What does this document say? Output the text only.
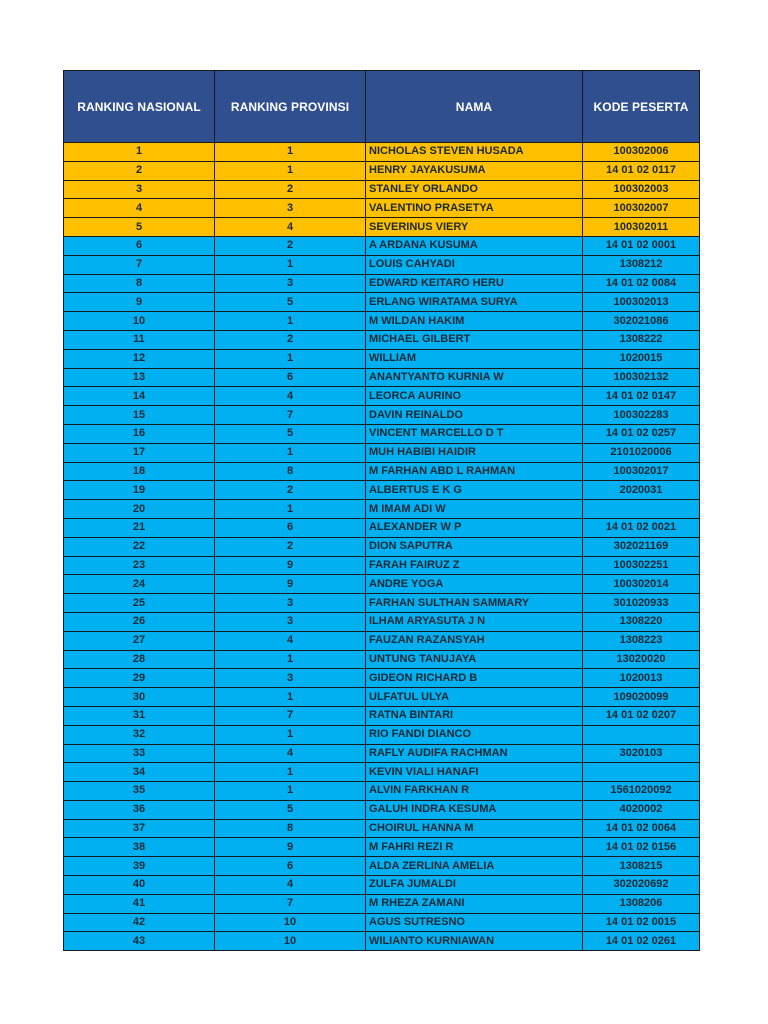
RANKING NASIONAL	RANKING PROVINSI	NAMA	KODE PESERTA
1	1	NICHOLAS STEVEN HUSADA	100302006
2	1	HENRY JAYAKUSUMA	14 01 02 0117
3	2	STANLEY ORLANDO	100302003
4	3	VALENTINO PRASETYA	100302007
5	4	SEVERINUS VIERY	100302011
6	2	A ARDANA KUSUMA	14 01 02 0001
7	1	LOUIS CAHYADI	1308212
8	3	EDWARD KEITARO HERU	14 01 02 0084
9	5	ERLANG WIRATAMA SURYA	100302013
10	1	M WILDAN HAKIM	302021086
11	2	MICHAEL GILBERT	1308222
12	1	WILLIAM	1020015
13	6	ANANTYANTO KURNIA W	100302132
14	4	LEORCA AURINO	14 01 02 0147
15	7	DAVIN REINALDO	100302283
16	5	VINCENT MARCELLO D T	14 01 02 0257
17	1	MUH HABIBI HAIDIR	2101020006
18	8	M FARHAN ABD L RAHMAN	100302017
19	2	ALBERTUS E K G	2020031
20	1	M IMAM ADI W	
21	6	ALEXANDER W P	14 01 02 0021
22	2	DION SAPUTRA	302021169
23	9	FARAH FAIRUZ Z	100302251
24	9	ANDRE YOGA	100302014
25	3	FARHAN SULTHAN SAMMARY	301020933
26	3	ILHAM ARYASUTA J N	1308220
27	4	FAUZAN RAZANSYAH	1308223
28	1	UNTUNG TANUJAYA	13020020
29	3	GIDEON RICHARD B	1020013
30	1	ULFATUL ULYA	109020099
31	7	RATNA BINTARI	14 01 02 0207
32	1	RIO FANDI DIANCO	
33	4	RAFLY AUDIFA RACHMAN	3020103
34	1	KEVIN VIALI HANAFI	
35	1	ALVIN FARKHAN R	1561020092
36	5	GALUH INDRA KESUMA	4020002
37	8	CHOIRUL HANNA M	14 01 02 0064
38	9	M FAHRI REZI R	14 01 02 0156
39	6	ALDA ZERLINA AMELIA	1308215
40	4	ZULFA JUMALDI	302020692
41	7	M RHEZA ZAMANI	1308206
42	10	AGUS SUTRESNO	14 01 02 0015
43	10	WILIANTO KURNIAWAN	14 01 02 0261
